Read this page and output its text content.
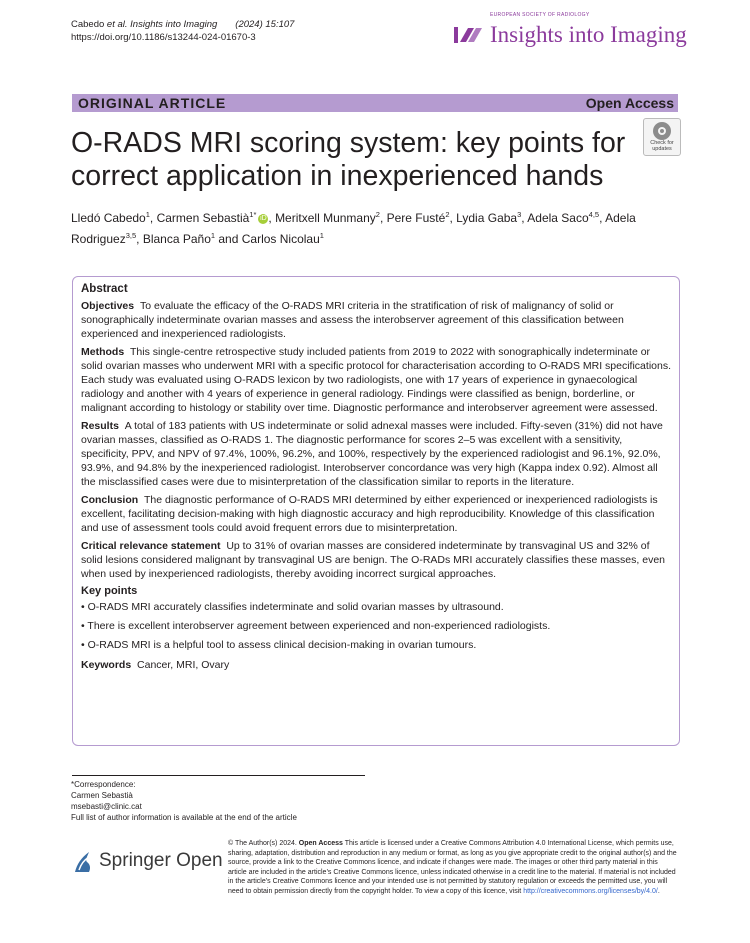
Cabedo et al. Insights into Imaging (2024) 15:107
https://doi.org/10.1186/s13244-024-01670-3
EUROPEAN SOCIETY OF RADIOLOGY
Insights into Imaging
ORIGINAL ARTICLE	Open Access
O-RADS MRI scoring system: key points for correct application in inexperienced hands
Check for updates
Lledó Cabedo$^1$, Carmen Sebastià$^{1*}$ iD , Meritxell Munmany$^2$, Pere Fusté$^2$, Lydia Gaba$^3$, Adela Saco$^{4,5}$, Adela Rodriguez$^{3,5}$, Blanca Paño$^1$ and Carlos Nicolau$^1$
Abstract

Objectives To evaluate the efficacy of the O-RADS MRI criteria in the stratification of risk of malignancy of solid or sonographically indeterminate ovarian masses and assess the interobserver agreement of this classification between experienced and inexperienced radiologists.

Methods This single-centre retrospective study included patients from 2019 to 2022 with sonographically indeterminate or solid ovarian masses who underwent MRI with a specific protocol for characterisation according to O-RADS MRI specifications. Each study was evaluated using O-RADS lexicon by two radiologists, one with 17 years of experience in gynaecological radiology and another with 4 years of experience in general radiology. Findings were classified as benign, borderline, or malignant according to histology or stability over time. Diagnostic performance and interobserver agreement were assessed.

Results A total of 183 patients with US indeterminate or solid adnexal masses were included. Fifty-seven (31%) did not have ovarian masses, classified as O-RADS 1. The diagnostic performance for scores 2–5 was excellent with a sensitivity, specificity, PPV, and NPV of 97.4%, 100%, 96.2%, and 100%, respectively by the experienced radiologist and 96.1%, 92.0%, 93.9%, and 94.8% by the inexperienced radiologist. Interobserver concordance was very high (Kappa index 0.92). Almost all the misclassified cases were due to misinterpretation of the classification similar to reports in the literature.

Conclusion The diagnostic performance of O-RADS MRI determined by either experienced or inexperienced radiologists is excellent, facilitating decision-making with high diagnostic accuracy and high reproducibility. Knowledge of this classification and use of assessment tools could avoid frequent errors due to misinterpretation.

Critical relevance statement Up to 31% of ovarian masses are considered indeterminate by transvaginal US and 32% of solid lesions considered malignant by transvaginal US are benign. The O-RADs MRI accurately classifies these masses, even when used by inexperienced radiologists, thereby avoiding incorrect surgical approaches.

Key points

• O-RADS MRI accurately classifies indeterminate and solid ovarian masses by ultrasound.

• There is excellent interobserver agreement between experienced and non-experienced radiologists.

• O-RADS MRI is a helpful tool to assess clinical decision-making in ovarian tumours.

Keywords Cancer, MRI, Ovary

*Correspondence:
Carmen Sebastià
msebasti@clinic.cat
Full list of author information is available at the end of the article
Springer Open
© The Author(s) 2024. Open Access This article is licensed under a Creative Commons Attribution 4.0 International License, which permits use, sharing, adaptation, distribution and reproduction in any medium or format, as long as you give appropriate credit to the original author(s) and the source, provide a link to the Creative Commons licence, and indicate if changes were made. The images or other third party material in this article are included in the article’s Creative Commons licence, unless indicated otherwise in a credit line to the material. If material is not included in the article’s Creative Commons licence and your intended use is not permitted by statutory regulation or exceeds the permitted use, you will need to obtain permission directly from the copyright holder. To view a copy of this licence, visit http://creativecommons.org/licenses/by/4.0/.
